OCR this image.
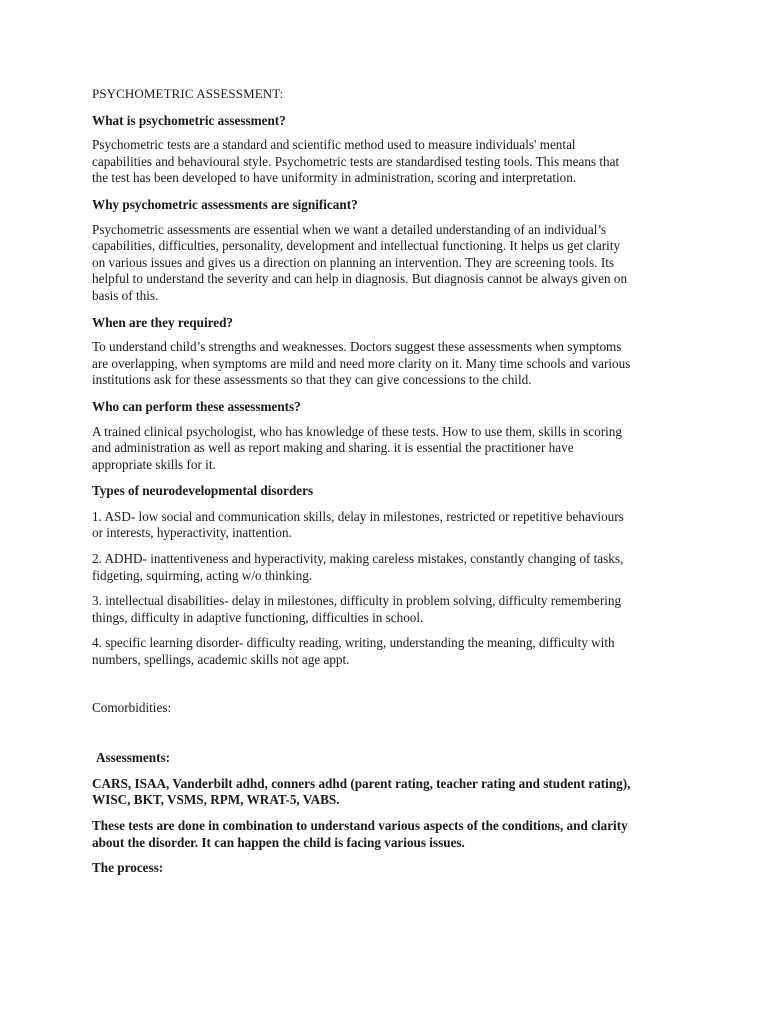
PSYCHOMETRIC ASSESSMENT:

What is psychometric assessment?

Psychometric tests are a standard and scientific method used to measure individuals' mental

capabilities and behavioural style. Psychometric tests are standardised testing tools. This means that

the test has been developed to have uniformity in administration, scoring and interpretation.

Why psychometric assessments are significant?

Psychometric assessments are essential when we want a detailed understanding of an individual’s

capabilities, difficulties, personality, development and intellectual functioning. It helps us get clarity

on various issues and gives us a direction on planning an intervention. They are screening tools. Its

helpful to understand the severity and can help in diagnosis. But diagnosis cannot be always given on

basis of this.

When are they required?

To understand child’s strengths and weaknesses. Doctors suggest these assessments when symptoms

are overlapping, when symptoms are mild and need more clarity on it. Many time schools and various

institutions ask for these assessments so that they can give concessions to the child.

Who can perform these assessments?

A trained clinical psychologist, who has knowledge of these tests. How to use them, skills in scoring

and administration as well as report making and sharing. it is essential the practitioner have

appropriate skills for it.

Types of neurodevelopmental disorders

1. ASD- low social and communication skills, delay in milestones, restricted or repetitive behaviours

or interests, hyperactivity, inattention.

2. ADHD- inattentiveness and hyperactivity, making careless mistakes, constantly changing of tasks,

fidgeting, squirming, acting w/o thinking.

3. intellectual disabilities- delay in milestones, difficulty in problem solving, difficulty remembering

things, difficulty in adaptive functioning, difficulties in school.

4. specific learning disorder- difficulty reading, writing, understanding the meaning, difficulty with

numbers, spellings, academic skills not age appt.

Comorbidities:

Assessments:

CARS, ISAA, Vanderbilt adhd, conners adhd (parent rating, teacher rating and student rating),

WISC, BKT, VSMS, RPM, WRAT-5, VABS.

These tests are done in combination to understand various aspects of the conditions, and clarity

about the disorder. It can happen the child is facing various issues.

The process:
